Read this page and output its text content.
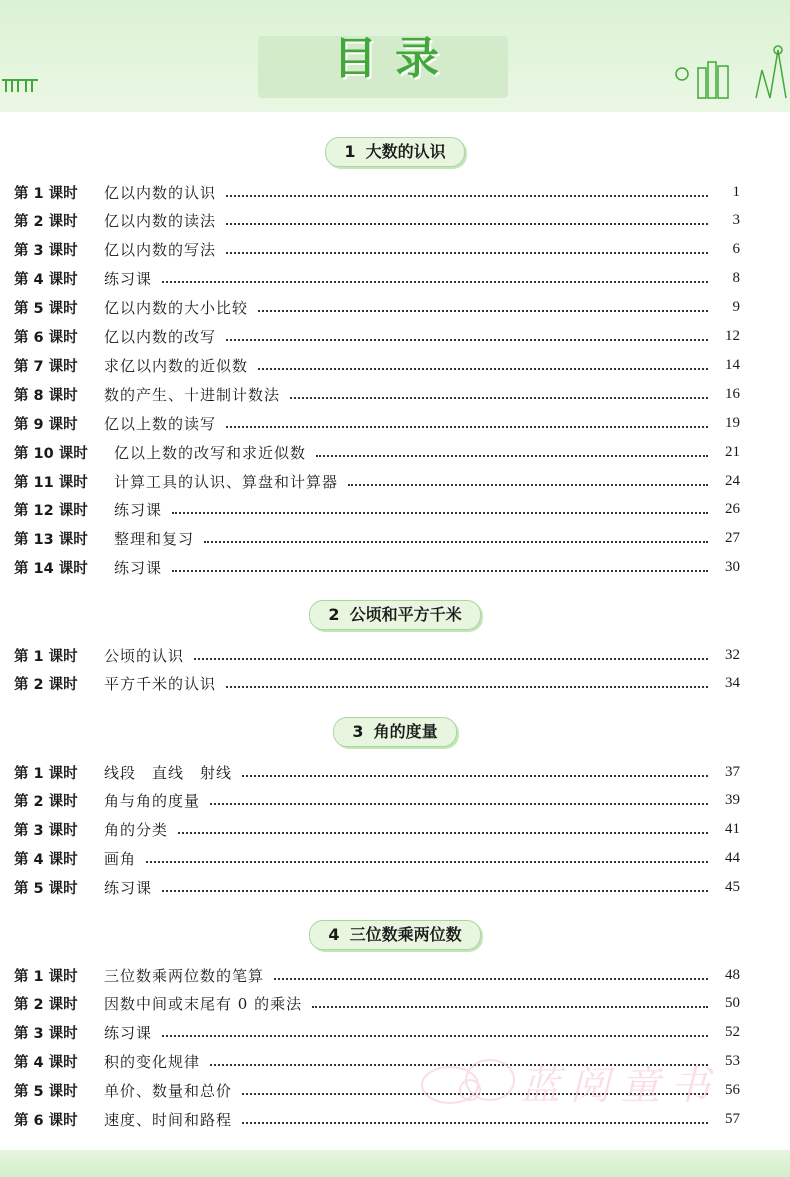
目录
1 大数的认识
第 1 课时	亿以内数的认识	1
第 2 课时	亿以内数的读法	3
第 3 课时	亿以内数的写法	6
第 4 课时	练习课	8
第 5 课时	亿以内数的大小比较	9
第 6 课时	亿以内数的改写	12
第 7 课时	求亿以内数的近似数	14
第 8 课时	数的产生、十进制计数法	16
第 9 课时	亿以上数的读写	19
第 10 课时	亿以上数的改写和求近似数	21
第 11 课时	计算工具的认识、算盘和计算器	24
第 12 课时	练习课	26
第 13 课时	整理和复习	27
第 14 课时	练习课	30
2 公顷和平方千米
第 1 课时	公顷的认识	32
第 2 课时	平方千米的认识	34
3 角的度量
第 1 课时	线段　直线　射线	37
第 2 课时	角与角的度量	39
第 3 课时	角的分类	41
第 4 课时	画角	44
第 5 课时	练习课	45
4 三位数乘两位数
第 1 课时	三位数乘两位数的笔算	48
第 2 课时	因数中间或末尾有 0 的乘法	50
第 3 课时	练习课	52
第 4 课时	积的变化规律	53
第 5 课时	单价、数量和总价	56
第 6 课时	速度、时间和路程	57
蓝阅童书
